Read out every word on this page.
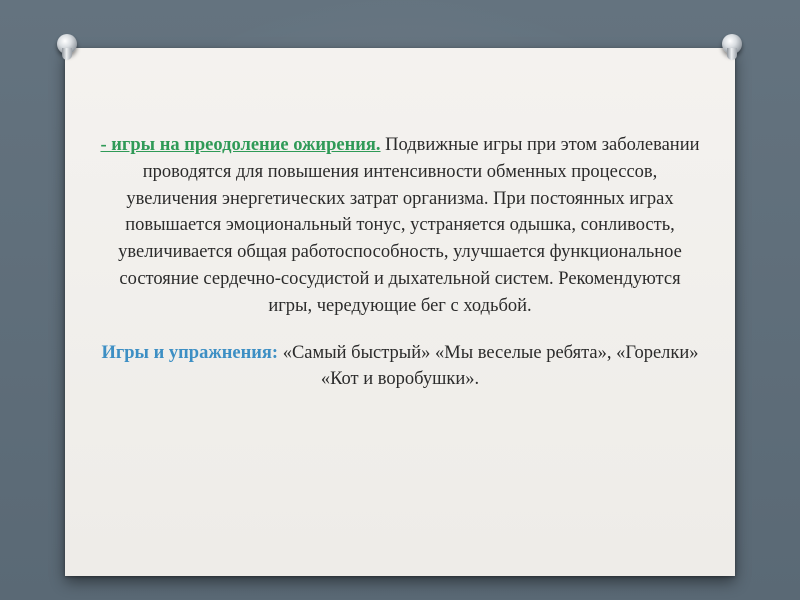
- игры на преодоление ожирения. Подвижные игры при этом заболевании проводятся для повышения интенсивности обменных процессов, увеличения энергетических затрат организма. При постоянных играх повышается эмоциональный тонус, устраняется одышка, сонливость, увеличивается общая работоспособность, улучшается функциональное состояние сердечно-сосудистой и дыхательной систем. Рекомендуются игры, чередующие бег с ходьбой.

Игры и упражнения: «Самый быстрый» «Мы веселые ребята», «Горелки» «Кот и воробушки».
